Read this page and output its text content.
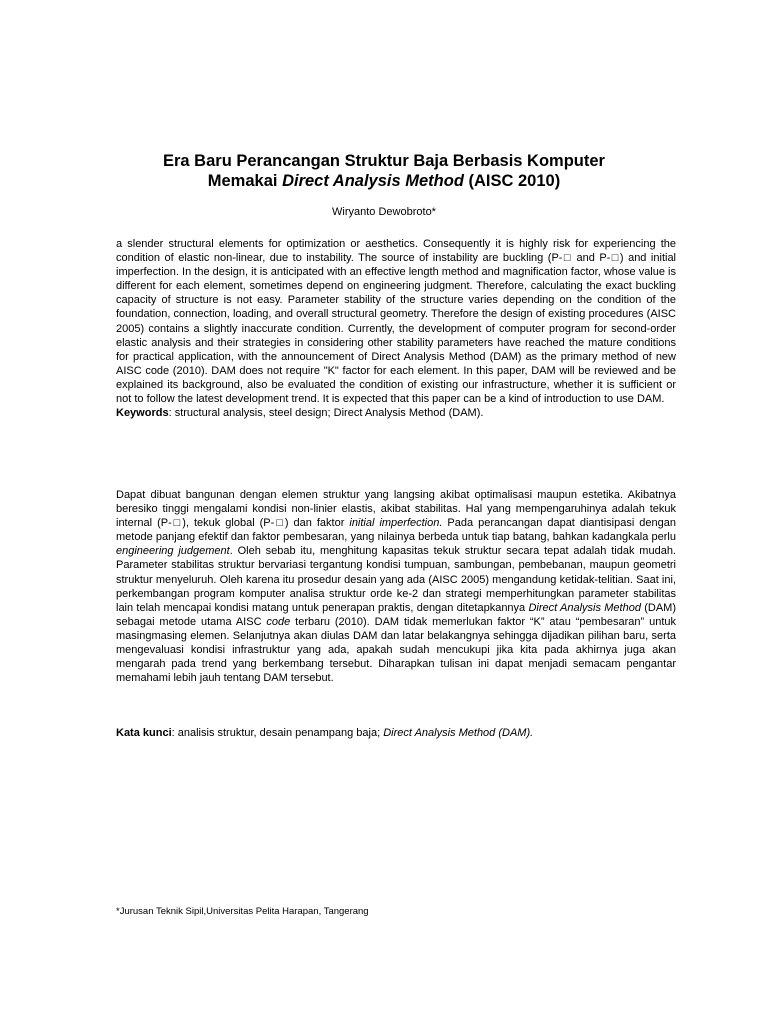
Era Baru Perancangan Struktur Baja Berbasis Komputer
Memakai Direct Analysis Method (AISC 2010)
Wiryanto Dewobroto*

a slender structural elements for optimization or aesthetics. Consequently it is highly risk for experiencing the condition of elastic non-linear, due to instability. The source of instability are buckling (P-□ and P-□) and initial imperfection. In the design, it is anticipated with an effective length method and magnification factor, whose value is different for each element, sometimes depend on engineering judgment. Therefore, calculating the exact buckling capacity of structure is not easy. Parameter stability of the structure varies depending on the condition of the foundation, connection, loading, and overall structural geometry. Therefore the design of existing procedures (AISC 2005) contains a slightly inaccurate condition. Currently, the development of computer program for second-order elastic analysis and their strategies in considering other stability parameters have reached the mature conditions for practical application, with the announcement of Direct Analysis Method (DAM) as the primary method of new AISC code (2010). DAM does not require "K" factor for each element. In this paper, DAM will be reviewed and be explained its background, also be evaluated the condition of existing our infrastructure, whether it is sufficient or not to follow the latest development trend. It is expected that this paper can be a kind of introduction to use DAM.

Keywords: structural analysis, steel design; Direct Analysis Method (DAM).

Dapat dibuat bangunan dengan elemen struktur yang langsing akibat optimalisasi maupun estetika. Akibatnya beresiko tinggi mengalami kondisi non-linier elastis, akibat stabilitas. Hal yang mempengaruhinya adalah tekuk internal (P-□), tekuk global (P-□) dan faktor initial imperfection. Pada perancangan dapat diantisipasi dengan metode panjang efektif dan faktor pembesaran, yang nilainya berbeda untuk tiap batang, bahkan kadangkala perlu engineering judgement. Oleh sebab itu, menghitung kapasitas tekuk struktur secara tepat adalah tidak mudah. Parameter stabilitas struktur bervariasi tergantung kondisi tumpuan, sambungan, pembebanan, maupun geometri struktur menyeluruh. Oleh karena itu prosedur desain yang ada (AISC 2005) mengandung ketidak-telitian. Saat ini, perkembangan program komputer analisa struktur orde ke-2 dan strategi memperhitungkan parameter stabilitas lain telah mencapai kondisi matang untuk penerapan praktis, dengan ditetapkannya Direct Analysis Method (DAM) sebagai metode utama AISC code terbaru (2010). DAM tidak memerlukan faktor “K” atau “pembesaran” untuk masingmasing elemen. Selanjutnya akan diulas DAM dan latar belakangnya sehingga dijadikan pilihan baru, serta mengevaluasi kondisi infrastruktur yang ada, apakah sudah mencukupi jika kita pada akhirnya juga akan mengarah pada trend yang berkembang tersebut. Diharapkan tulisan ini dapat menjadi semacam pengantar memahami lebih jauh tentang DAM tersebut.

Kata kunci: analisis struktur, desain penampang baja; Direct Analysis Method (DAM).
*Jurusan Teknik Sipil,Universitas Pelita Harapan, Tangerang
